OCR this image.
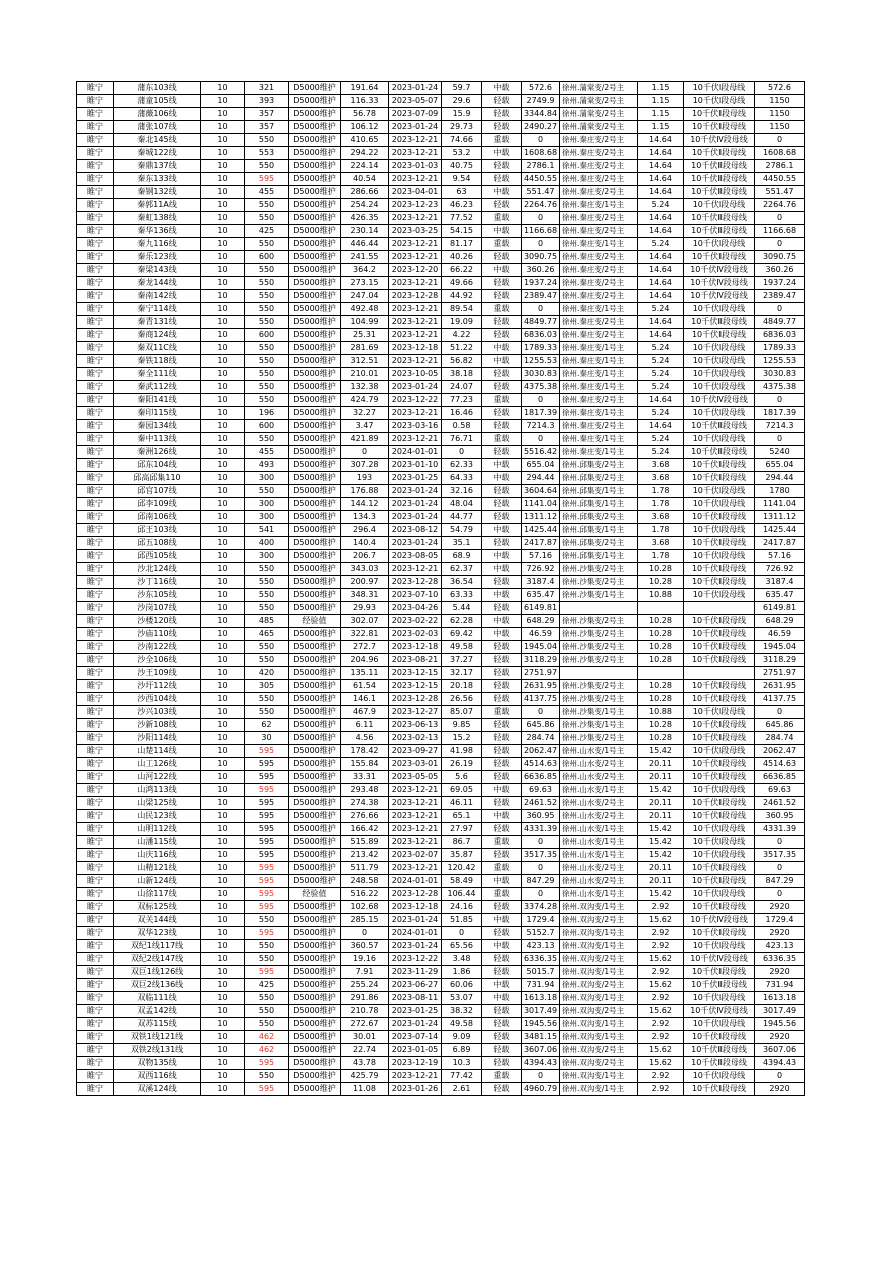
睢宁	蒲东103线	10	321	D5000维护	191.64	2023-01-24	59.7	中载	572.6	徐州.蒲棠变/2号主	1.15	10千伏Ⅰ段母线	572.6
睢宁	蒲童105线	10	393	D5000维护	116.33	2023-05-07	29.6	轻载	2749.9	徐州.蒲棠变/2号主	1.15	10千伏Ⅰ段母线	1150
睢宁	蒲薇106线	10	357	D5000维护	56.78	2023-07-09	15.9	轻载	3344.84	徐州.蒲棠变/2号主	1.15	10千伏Ⅱ段母线	1150
睢宁	蒲张107线	10	357	D5000维护	106.12	2023-01-24	29.73	轻载	2490.27	徐州.蒲棠变/2号主	1.15	10千伏Ⅱ段母线	1150
睢宁	秦北145线	10	550	D5000维护	410.65	2023-12-21	74.66	重载	0	徐州.秦庄变/2号主	14.64	10千伏Ⅳ段母线	0
睢宁	秦城122线	10	553	D5000维护	294.22	2023-12-21	53.2	中载	1608.68	徐州.秦庄变/2号主	14.64	10千伏Ⅱ段母线	1608.68
睢宁	秦鼎137线	10	550	D5000维护	224.14	2023-01-03	40.75	轻载	2786.1	徐州.秦庄变/2号主	14.64	10千伏Ⅲ段母线	2786.1
睢宁	秦东133线	10	595	D5000维护	40.54	2023-12-21	9.54	轻载	4450.55	徐州.秦庄变/2号主	14.64	10千伏Ⅲ段母线	4450.55
睢宁	秦钢132线	10	455	D5000维护	286.66	2023-04-01	63	中载	551.47	徐州.秦庄变/2号主	14.64	10千伏Ⅲ段母线	551.47
睢宁	秦郭11A线	10	550	D5000维护	254.24	2023-12-23	46.23	轻载	2264.76	徐州.秦庄变/1号主	5.24	10千伏Ⅰ段母线	2264.76
睢宁	秦虹138线	10	550	D5000维护	426.35	2023-12-21	77.52	重载	0	徐州.秦庄变/2号主	14.64	10千伏Ⅲ段母线	0
睢宁	秦华136线	10	425	D5000维护	230.14	2023-03-25	54.15	中载	1166.68	徐州.秦庄变/2号主	14.64	10千伏Ⅲ段母线	1166.68
睢宁	秦九116线	10	550	D5000维护	446.44	2023-12-21	81.17	重载	0	徐州.秦庄变/1号主	5.24	10千伏Ⅰ段母线	0
睢宁	秦乐123线	10	600	D5000维护	241.55	2023-12-21	40.26	轻载	3090.75	徐州.秦庄变/2号主	14.64	10千伏Ⅱ段母线	3090.75
睢宁	秦梁143线	10	550	D5000维护	364.2	2023-12-20	66.22	中载	360.26	徐州.秦庄变/2号主	14.64	10千伏Ⅳ段母线	360.26
睢宁	秦龙144线	10	550	D5000维护	273.15	2023-12-21	49.66	轻载	1937.24	徐州.秦庄变/2号主	14.64	10千伏Ⅳ段母线	1937.24
睢宁	秦南142线	10	550	D5000维护	247.04	2023-12-28	44.92	轻载	2389.47	徐州.秦庄变/2号主	14.64	10千伏Ⅳ段母线	2389.47
睢宁	秦宁114线	10	550	D5000维护	492.48	2023-12-21	89.54	重载	0	徐州.秦庄变/1号主	5.24	10千伏Ⅰ段母线	0
睢宁	秦青131线	10	550	D5000维护	104.99	2023-12-21	19.09	轻载	4849.77	徐州.秦庄变/2号主	14.64	10千伏Ⅲ段母线	4849.77
睢宁	秦商124线	10	600	D5000维护	25.31	2023-12-21	4.22	轻载	6836.03	徐州.秦庄变/2号主	14.64	10千伏Ⅱ段母线	6836.03
睢宁	秦双11C线	10	550	D5000维护	281.69	2023-12-18	51.22	中载	1789.33	徐州.秦庄变/1号主	5.24	10千伏Ⅰ段母线	1789.33
睢宁	秦铁118线	10	550	D5000维护	312.51	2023-12-21	56.82	中载	1255.53	徐州.秦庄变/1号主	5.24	10千伏Ⅰ段母线	1255.53
睢宁	秦全111线	10	550	D5000维护	210.01	2023-10-05	38.18	轻载	3030.83	徐州.秦庄变/1号主	5.24	10千伏Ⅰ段母线	3030.83
睢宁	秦武112线	10	550	D5000维护	132.38	2023-01-24	24.07	轻载	4375.38	徐州.秦庄变/1号主	5.24	10千伏Ⅰ段母线	4375.38
睢宁	秦阳141线	10	550	D5000维护	424.79	2023-12-22	77.23	重载	0	徐州.秦庄变/2号主	14.64	10千伏Ⅳ段母线	0
睢宁	秦印115线	10	196	D5000维护	32.27	2023-12-21	16.46	轻载	1817.39	徐州.秦庄变/1号主	5.24	10千伏Ⅰ段母线	1817.39
睢宁	秦园134线	10	600	D5000维护	3.47	2023-03-16	0.58	轻载	7214.3	徐州.秦庄变/2号主	14.64	10千伏Ⅲ段母线	7214.3
睢宁	秦中113线	10	550	D5000维护	421.89	2023-12-21	76.71	重载	0	徐州.秦庄变/1号主	5.24	10千伏Ⅰ段母线	0
睢宁	秦洲126线	10	455	D5000维护	0	2024-01-01	0	轻载	5516.42	徐州.秦庄变/1号主	5.24	10千伏Ⅲ段母线	5240
睢宁	邱东104线	10	493	D5000维护	307.28	2023-01-10	62.33	中载	655.04	徐州.邱集变/2号主	3.68	10千伏Ⅱ段母线	655.04
睢宁	邱高邱集110	10	300	D5000维护	193	2023-01-25	64.33	中载	294.44	徐州.邱集变/2号主	3.68	10千伏Ⅱ段母线	294.44
睢宁	邱官107线	10	550	D5000维护	176.88	2023-01-24	32.16	轻载	3604.64	徐州.邱集变/1号主	1.78	10千伏Ⅰ段母线	1780
睢宁	邱李109线	10	300	D5000维护	144.12	2023-01-24	48.04	轻载	1141.04	徐州.邱集变/1号主	1.78	10千伏Ⅰ段母线	1141.04
睢宁	邱南106线	10	300	D5000维护	134.3	2023-01-24	44.77	轻载	1311.12	徐州.邱集变/2号主	3.68	10千伏Ⅱ段母线	1311.12
睢宁	邱王103线	10	541	D5000维护	296.4	2023-08-12	54.79	中载	1425.44	徐州.邱集变/1号主	1.78	10千伏Ⅰ段母线	1425.44
睢宁	邱五108线	10	400	D5000维护	140.4	2023-01-24	35.1	轻载	2417.87	徐州.邱集变/2号主	3.68	10千伏Ⅱ段母线	2417.87
睢宁	邱西105线	10	300	D5000维护	206.7	2023-08-05	68.9	中载	57.16	徐州.邱集变/1号主	1.78	10千伏Ⅰ段母线	57.16
睢宁	沙北124线	10	550	D5000维护	343.03	2023-12-21	62.37	中载	726.92	徐州.沙集变/2号主	10.28	10千伏Ⅱ段母线	726.92
睢宁	沙丁116线	10	550	D5000维护	200.97	2023-12-28	36.54	轻载	3187.4	徐州.沙集变/2号主	10.28	10千伏Ⅱ段母线	3187.4
睢宁	沙东105线	10	550	D5000维护	348.31	2023-07-10	63.33	中载	635.47	徐州.沙集变/1号主	10.88	10千伏Ⅰ段母线	635.47
睢宁	沙岗107线	10	550	D5000维护	29.93	2023-04-26	5.44	轻载	6149.81				6149.81
睢宁	沙楼120线	10	485	经验值	302.07	2023-02-22	62.28	中载	648.29	徐州.沙集变/2号主	10.28	10千伏Ⅱ段母线	648.29
睢宁	沙庙110线	10	465	D5000维护	322.81	2023-02-03	69.42	中载	46.59	徐州.沙集变/2号主	10.28	10千伏Ⅱ段母线	46.59
睢宁	沙南122线	10	550	D5000维护	272.7	2023-12-18	49.58	轻载	1945.04	徐州.沙集变/2号主	10.28	10千伏Ⅱ段母线	1945.04
睢宁	沙全106线	10	550	D5000维护	204.96	2023-08-21	37.27	轻载	3118.29	徐州.沙集变/2号主	10.28	10千伏Ⅱ段母线	3118.29
睢宁	沙王109线	10	420	D5000维护	135.11	2023-12-15	32.17	轻载	2751.97				2751.97
睢宁	沙圩112线	10	305	D5000维护	61.54	2023-12-15	20.18	轻载	2631.95	徐州.沙集变/2号主	10.28	10千伏Ⅱ段母线	2631.95
睢宁	沙西104线	10	550	D5000维护	146.1	2023-12-28	26.56	轻载	4137.75	徐州.沙集变/2号主	10.28	10千伏Ⅱ段母线	4137.75
睢宁	沙兴103线	10	550	D5000维护	467.9	2023-12-27	85.07	重载	0	徐州.沙集变/1号主	10.88	10千伏Ⅰ段母线	0
睢宁	沙新108线	10	62	D5000维护	6.11	2023-06-13	9.85	轻载	645.86	徐州.沙集变/1号主	10.28	10千伏Ⅱ段母线	645.86
睢宁	沙阳114线	10	30	D5000维护	4.56	2023-02-13	15.2	轻载	284.74	徐州.沙集变/2号主	10.28	10千伏Ⅱ段母线	284.74
睢宁	山楚114线	10	595	D5000维护	178.42	2023-09-27	41.98	轻载	2062.47	徐州.山水变/1号主	15.42	10千伏Ⅰ段母线	2062.47
睢宁	山工126线	10	595	D5000维护	155.84	2023-03-01	26.19	轻载	4514.63	徐州.山水变/2号主	20.11	10千伏Ⅱ段母线	4514.63
睢宁	山河122线	10	595	D5000维护	33.31	2023-05-05	5.6	轻载	6636.85	徐州.山水变/2号主	20.11	10千伏Ⅱ段母线	6636.85
睢宁	山鸿113线	10	595	D5000维护	293.48	2023-12-21	69.05	中载	69.63	徐州.山水变/1号主	15.42	10千伏Ⅰ段母线	69.63
睢宁	山梁125线	10	595	D5000维护	274.38	2023-12-21	46.11	轻载	2461.52	徐州.山水变/2号主	20.11	10千伏Ⅱ段母线	2461.52
睢宁	山民123线	10	595	D5000维护	276.66	2023-12-21	65.1	中载	360.95	徐州.山水变/2号主	20.11	10千伏Ⅱ段母线	360.95
睢宁	山明112线	10	595	D5000维护	166.42	2023-12-21	27.97	轻载	4331.39	徐州.山水变/1号主	15.42	10千伏Ⅰ段母线	4331.39
睢宁	山潘115线	10	595	D5000维护	515.89	2023-12-21	86.7	重载	0	徐州.山水变/1号主	15.42	10千伏Ⅰ段母线	0
睢宁	山庆116线	10	595	D5000维护	213.42	2023-02-07	35.87	轻载	3517.35	徐州.山水变/1号主	15.42	10千伏Ⅰ段母线	3517.35
睢宁	山精121线	10	595	D5000维护	511.79	2023-12-21	120.42	重载	0	徐州.山水变/2号主	20.11	10千伏Ⅱ段母线	0
睢宁	山新124线	10	595	D5000维护	248.58	2024-01-01	58.49	中载	847.29	徐州.山水变/2号主	20.11	10千伏Ⅱ段母线	847.29
睢宁	山徐117线	10	595	经验值	516.22	2023-12-28	106.44	重载	0	徐州.山水变/1号主	15.42	10千伏Ⅰ段母线	0
睢宁	双标125线	10	595	D5000维护	102.68	2023-12-18	24.16	轻载	3374.28	徐州.双沟变/1号主	2.92	10千伏Ⅱ段母线	2920
睢宁	双关144线	10	550	D5000维护	285.15	2023-01-24	51.85	中载	1729.4	徐州.双沟变/2号主	15.62	10千伏Ⅳ段母线	1729.4
睢宁	双华123线	10	595	D5000维护	0	2024-01-01	0	轻载	5152.7	徐州.双沟变/1号主	2.92	10千伏Ⅱ段母线	2920
睢宁	双纪1线117线	10	550	D5000维护	360.57	2023-01-24	65.56	中载	423.13	徐州.双沟变/1号主	2.92	10千伏Ⅰ段母线	423.13
睢宁	双纪2线147线	10	550	D5000维护	19.16	2023-12-22	3.48	轻载	6336.35	徐州.双沟变/2号主	15.62	10千伏Ⅳ段母线	6336.35
睢宁	双巨1线126线	10	595	D5000维护	7.91	2023-11-29	1.86	轻载	5015.7	徐州.双沟变/1号主	2.92	10千伏Ⅱ段母线	2920
睢宁	双巨2线136线	10	425	D5000维护	255.24	2023-06-27	60.06	中载	731.94	徐州.双沟变/2号主	15.62	10千伏Ⅲ段母线	731.94
睢宁	双临111线	10	550	D5000维护	291.86	2023-08-11	53.07	中载	1613.18	徐州.双沟变/1号主	2.92	10千伏Ⅰ段母线	1613.18
睢宁	双孟142线	10	550	D5000维护	210.78	2023-01-25	38.32	轻载	3017.49	徐州.双沟变/2号主	15.62	10千伏Ⅳ段母线	3017.49
睢宁	双苏115线	10	550	D5000维护	272.67	2023-01-24	49.58	轻载	1945.56	徐州.双沟变/1号主	2.92	10千伏Ⅰ段母线	1945.56
睢宁	双铁1线121线	10	462	D5000维护	30.01	2023-07-14	9.09	轻载	3481.15	徐州.双沟变/1号主	2.92	10千伏Ⅱ段母线	2920
睢宁	双铁2线131线	10	462	D5000维护	22.74	2023-01-05	6.89	轻载	3607.06	徐州.双沟变/2号主	15.62	10千伏Ⅲ段母线	3607.06
睢宁	双物135线	10	595	D5000维护	43.78	2023-12-19	10.3	轻载	4394.43	徐州.双沟变/2号主	15.62	10千伏Ⅲ段母线	4394.43
睢宁	双西116线	10	550	D5000维护	425.79	2023-12-21	77.42	重载	0	徐州.双沟变/1号主	2.92	10千伏Ⅰ段母线	0
睢宁	双溪124线	10	595	D5000维护	11.08	2023-01-26	2.61	轻载	4960.79	徐州.双沟变/1号主	2.92	10千伏Ⅱ段母线	2920
